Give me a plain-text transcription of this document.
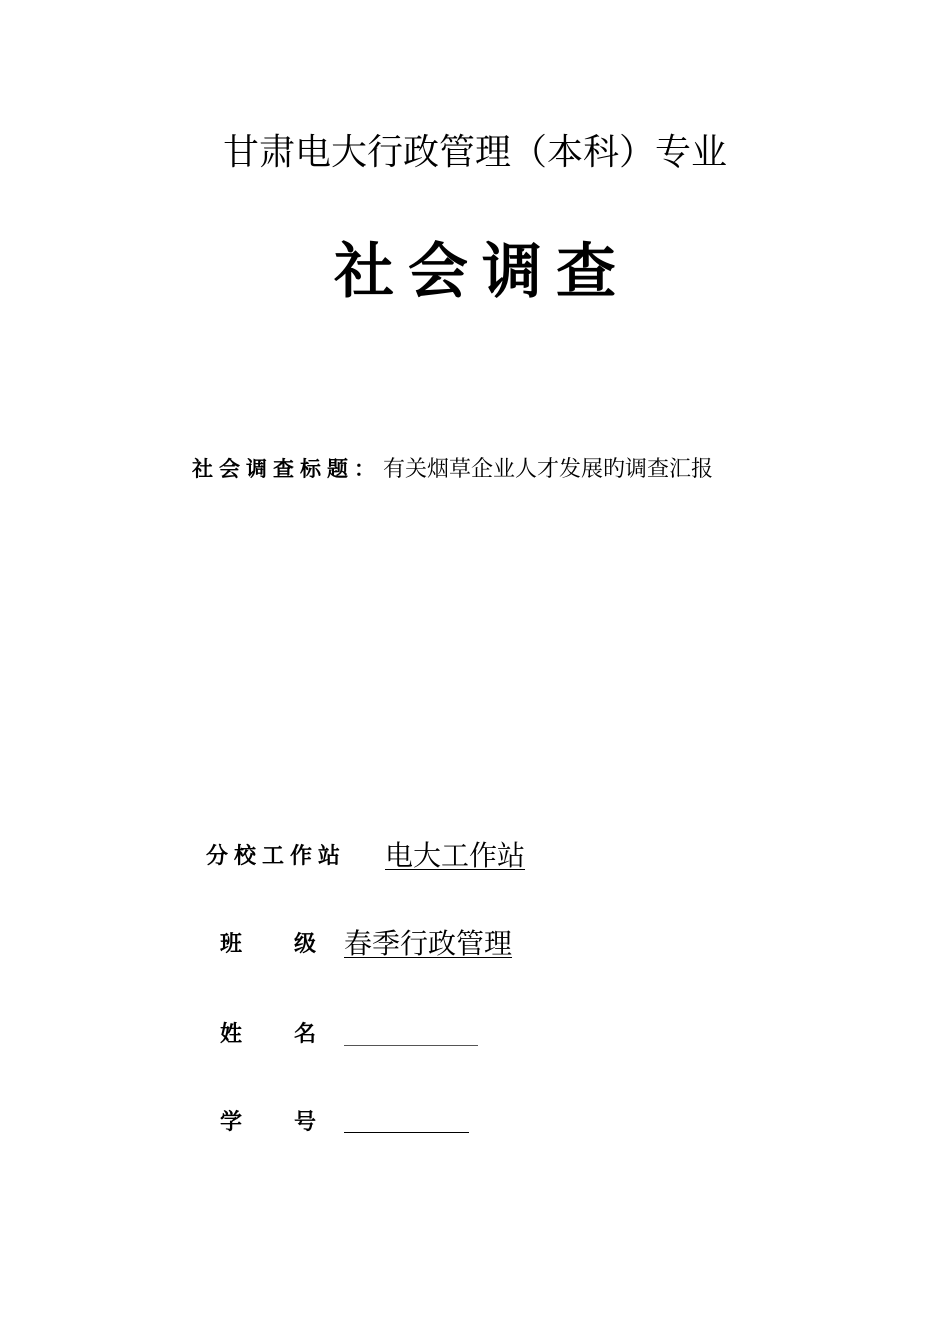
甘肃电大行政管理（本科）专业
社会调查
社会调查标题：有关烟草企业人才发展旳调查汇报
分校工作站 电大工作站
班 级 春季行政管理
姓 名
学 号
